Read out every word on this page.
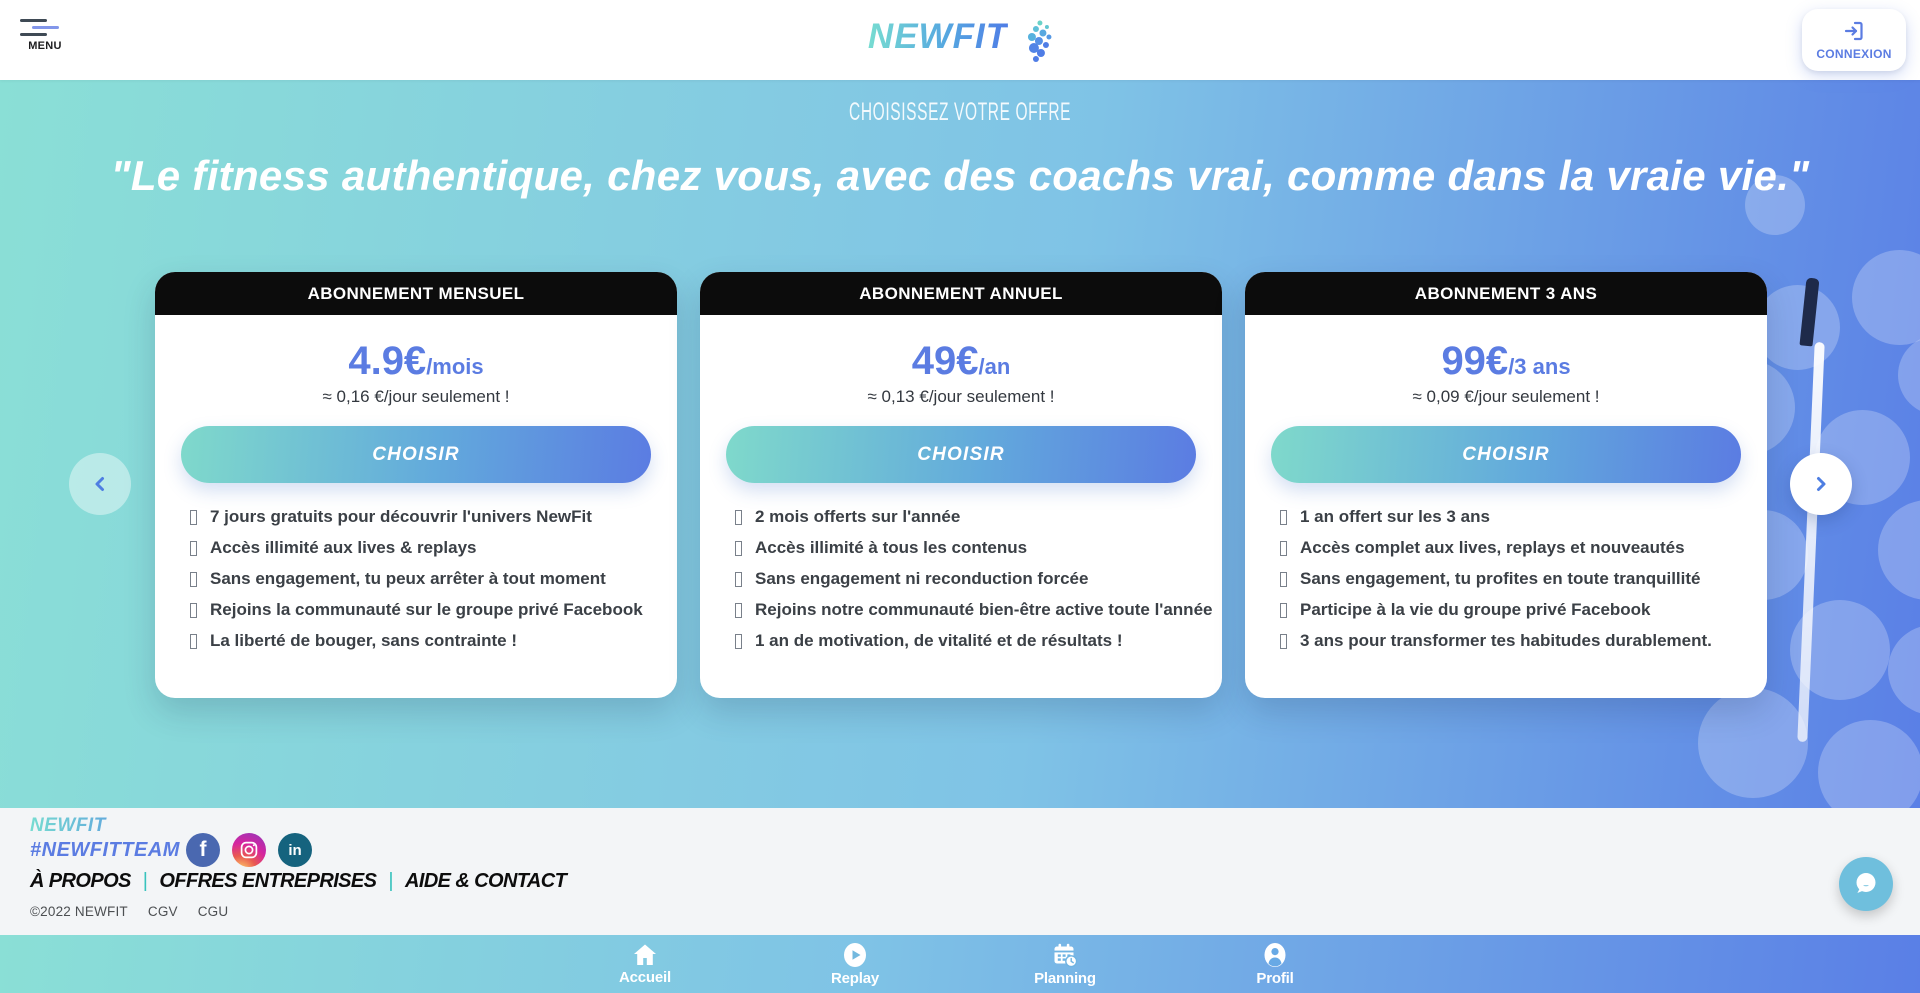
MENU	NEWFIT	CONNEXION
CHOISISSEZ VOTRE OFFRE
"Le fitness authentique, chez vous, avec des coachs vrai, comme dans la vraie vie."
ABONNEMENT MENSUEL
4.9€/mois
≈ 0,16 €/jour seulement !
CHOISIR
7 jours gratuits pour découvrir l'univers NewFit
Accès illimité aux lives & replays
Sans engagement, tu peux arrêter à tout moment
Rejoins la communauté sur le groupe privé Facebook
La liberté de bouger, sans contrainte !
ABONNEMENT ANNUEL
49€/an
≈ 0,13 €/jour seulement !
CHOISIR
2 mois offerts sur l'année
Accès illimité à tous les contenus
Sans engagement ni reconduction forcée
Rejoins notre communauté bien-être active toute l'année
1 an de motivation, de vitalité et de résultats !
ABONNEMENT 3 ANS
99€/3 ans
≈ 0,09 €/jour seulement !
CHOISIR
1 an offert sur les 3 ans
Accès complet aux lives, replays et nouveautés
Sans engagement, tu profites en toute tranquillité
Participe à la vie du groupe privé Facebook
3 ans pour transformer tes habitudes durablement.
NEWFIT
#NEWFITTEAM f	in
À PROPOS | OFFRES ENTREPRISES | AIDE & CONTACT
©2022 NEWFIT CGV CGU
Accueil	Replay	Planning	Profil
